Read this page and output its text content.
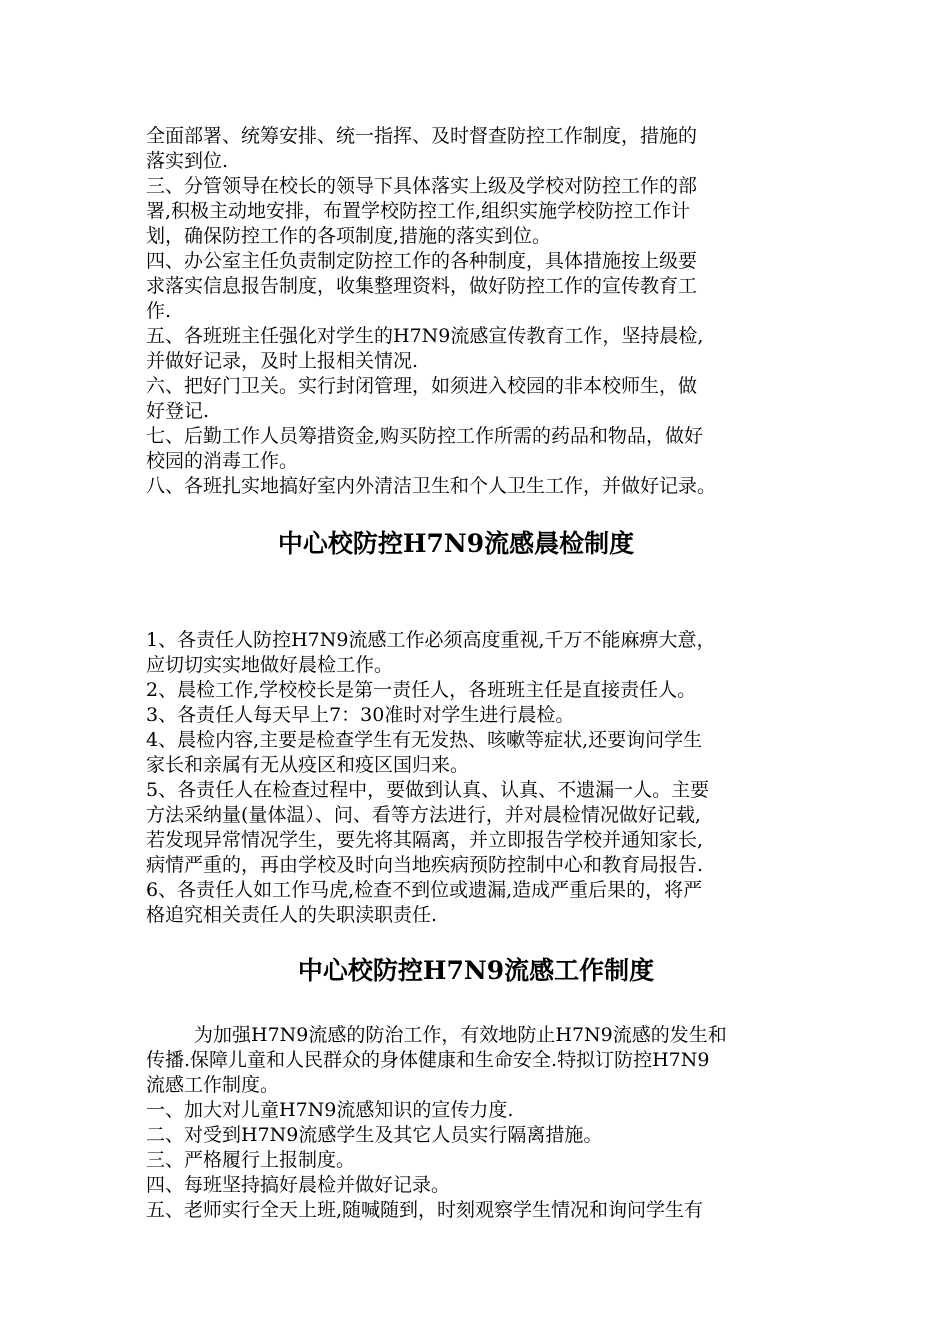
全面部署、统筹安排、统一指挥、及时督查防控工作制度，措施的
落实到位.
三、分管领导在校长的领导下具体落实上级及学校对防控工作的部
署,积极主动地安排，布置学校防控工作,组织实施学校防控工作计
划，确保防控工作的各项制度,措施的落实到位。
四、办公室主任负责制定防控工作的各种制度，具体措施按上级要
求落实信息报告制度，收集整理资料，做好防控工作的宣传教育工
作.
五、各班班主任强化对学生的H7N9流感宣传教育工作，坚持晨检,
并做好记录，及时上报相关情况.
六、把好门卫关。实行封闭管理，如须进入校园的非本校师生，做
好登记.
七、后勤工作人员筹措资金,购买防控工作所需的药品和物品，做好
校园的消毒工作。
八、各班扎实地搞好室内外清洁卫生和个人卫生工作，并做好记录。
中心校防控H7N9流感晨检制度
1、各责任人防控H7N9流感工作必须高度重视,千万不能麻痹大意，
应切切实实地做好晨检工作。
2、晨检工作,学校校长是第一责任人，各班班主任是直接责任人。
3、各责任人每天早上7：30准时对学生进行晨检。
4、晨检内容,主要是检查学生有无发热、咳嗽等症状,还要询问学生
家长和亲属有无从疫区和疫区国归来。
5、各责任人在检查过程中，要做到认真、认真、不遗漏一人。主要
方法采纳量(量体温）、问、看等方法进行，并对晨检情况做好记载,
若发现异常情况学生，要先将其隔离，并立即报告学校并通知家长,
病情严重的，再由学校及时向当地疾病预防控制中心和教育局报告.
6、各责任人如工作马虎,检查不到位或遗漏,造成严重后果的，将严
格追究相关责任人的失职渎职责任.
中心校防控H7N9流感工作制度
为加强H7N9流感的防治工作，有效地防止H7N9流感的发生和
传播.保障儿童和人民群众的身体健康和生命安全.特拟订防控H7N9
流感工作制度。
一、加大对儿童H7N9流感知识的宣传力度.
二、对受到H7N9流感学生及其它人员实行隔离措施。
三、严格履行上报制度。
四、每班坚持搞好晨检并做好记录。
五、老师实行全天上班,随喊随到，时刻观察学生情况和询问学生有
